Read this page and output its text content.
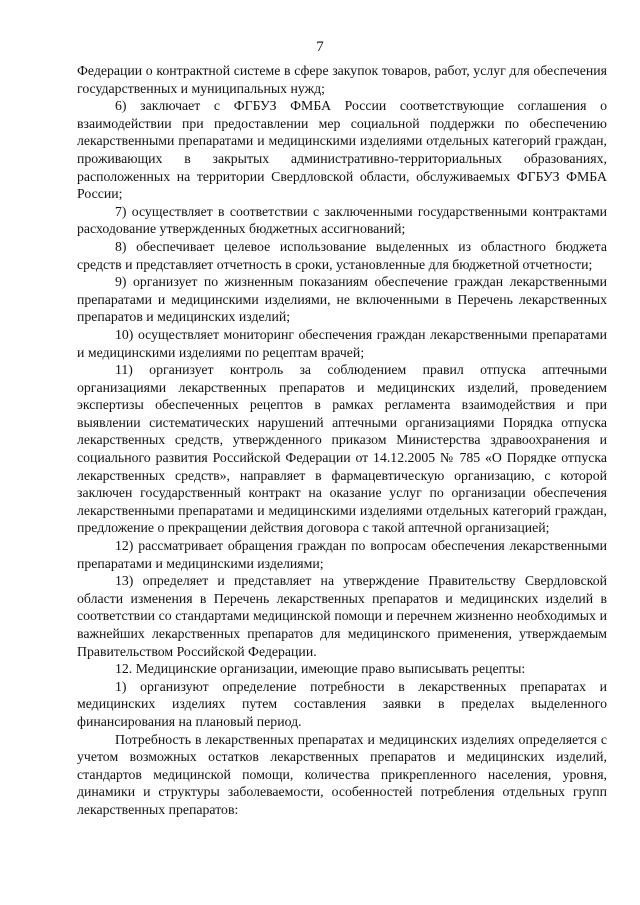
7

Федерации о контрактной системе в сфере закупок товаров, работ, услуг для обеспечения государственных и муниципальных нужд;

6) заключает с ФГБУЗ ФМБА России соответствующие соглашения о взаимодействии при предоставлении мер социальной поддержки по обеспечению лекарственными препаратами и медицинскими изделиями отдельных категорий граждан, проживающих в закрытых административно-территориальных образованиях, расположенных на территории Свердловской области, обслуживаемых ФГБУЗ ФМБА России;

7) осуществляет в соответствии с заключенными государственными контрактами расходование утвержденных бюджетных ассигнований;

8) обеспечивает целевое использование выделенных из областного бюджета средств и представляет отчетность в сроки, установленные для бюджетной отчетности;

9) организует по жизненным показаниям обеспечение граждан лекарственными препаратами и медицинскими изделиями, не включенными в Перечень лекарственных препаратов и медицинских изделий;

10) осуществляет мониторинг обеспечения граждан лекарственными препаратами и медицинскими изделиями по рецептам врачей;

11) организует контроль за соблюдением правил отпуска аптечными организациями лекарственных препаратов и медицинских изделий, проведением экспертизы обеспеченных рецептов в рамках регламента взаимодействия и при выявлении систематических нарушений аптечными организациями Порядка отпуска лекарственных средств, утвержденного приказом Министерства здравоохранения и социального развития Российской Федерации от 14.12.2005 № 785 «О Порядке отпуска лекарственных средств», направляет в фармацевтическую организацию, с которой заключен государственный контракт на оказание услуг по организации обеспечения лекарственными препаратами и медицинскими изделиями отдельных категорий граждан, предложение о прекращении действия договора с такой аптечной организацией;

12) рассматривает обращения граждан по вопросам обеспечения лекарственными препаратами и медицинскими изделиями;

13) определяет и представляет на утверждение Правительству Свердловской области изменения в Перечень лекарственных препаратов и медицинских изделий в соответствии со стандартами медицинской помощи и перечнем жизненно необходимых и важнейших лекарственных препаратов для медицинского применения, утверждаемым Правительством Российской Федерации.

12. Медицинские организации, имеющие право выписывать рецепты:

1) организуют определение потребности в лекарственных препаратах и медицинских изделиях путем составления заявки в пределах выделенного финансирования на плановый период.

Потребность в лекарственных препаратах и медицинских изделиях определяется с учетом возможных остатков лекарственных препаратов и медицинских изделий, стандартов медицинской помощи, количества прикрепленного населения, уровня, динамики и структуры заболеваемости, особенностей потребления отдельных групп лекарственных препаратов:
